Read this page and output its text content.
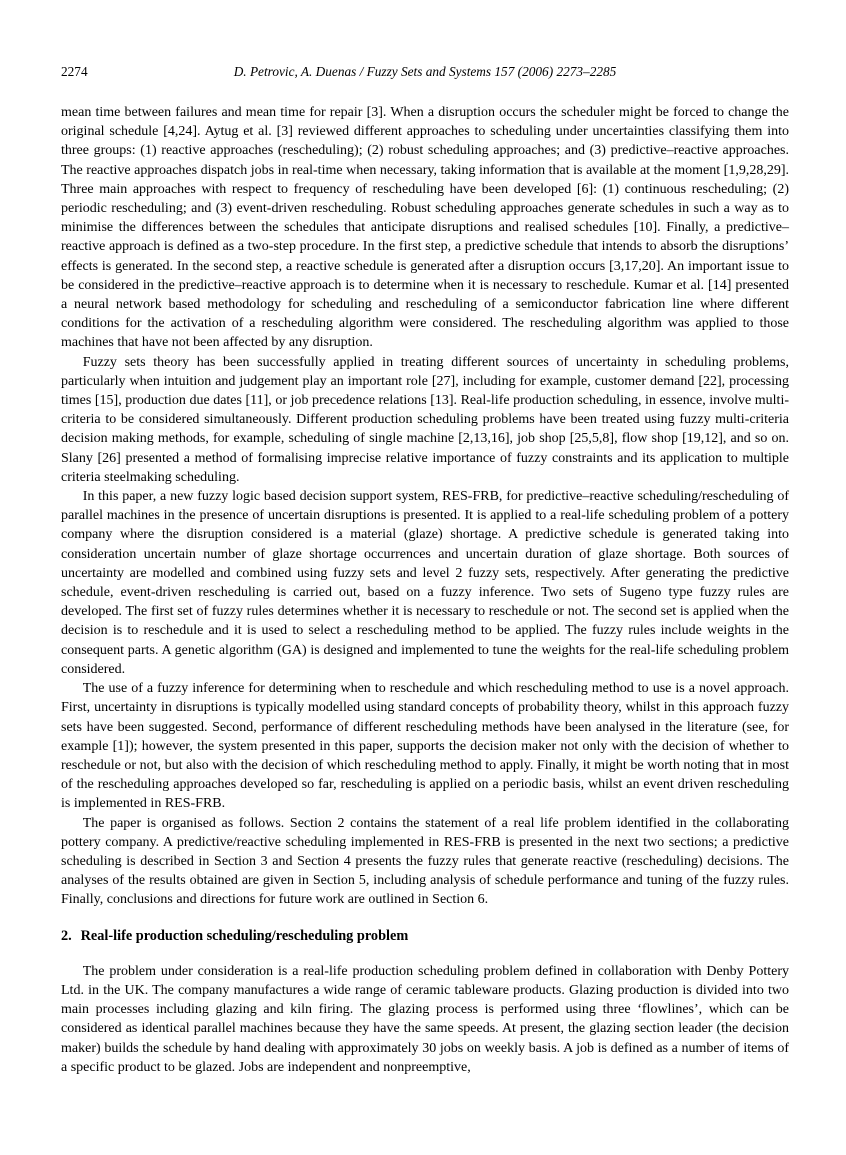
2274	D. Petrovic, A. Duenas / Fuzzy Sets and Systems 157 (2006) 2273–2285

mean time between failures and mean time for repair [3]. When a disruption occurs the scheduler might be forced to change the original schedule [4,24]. Aytug et al. [3] reviewed different approaches to scheduling under uncertainties classifying them into three groups: (1) reactive approaches (rescheduling); (2) robust scheduling approaches; and (3) predictive–reactive approaches. The reactive approaches dispatch jobs in real-time when necessary, taking information that is available at the moment [1,9,28,29]. Three main approaches with respect to frequency of rescheduling have been developed [6]: (1) continuous rescheduling; (2) periodic rescheduling; and (3) event-driven rescheduling. Robust scheduling approaches generate schedules in such a way as to minimise the differences between the schedules that anticipate disruptions and realised schedules [10]. Finally, a predictive–reactive approach is defined as a two-step procedure. In the first step, a predictive schedule that intends to absorb the disruptions’ effects is generated. In the second step, a reactive schedule is generated after a disruption occurs [3,17,20]. An important issue to be considered in the predictive–reactive approach is to determine when it is necessary to reschedule. Kumar et al. [14] presented a neural network based methodology for scheduling and rescheduling of a semiconductor fabrication line where different conditions for the activation of a rescheduling algorithm were considered. The rescheduling algorithm was applied to those machines that have not been affected by any disruption.

Fuzzy sets theory has been successfully applied in treating different sources of uncertainty in scheduling problems, particularly when intuition and judgement play an important role [27], including for example, customer demand [22], processing times [15], production due dates [11], or job precedence relations [13]. Real-life production scheduling, in essence, involve multi-criteria to be considered simultaneously. Different production scheduling problems have been treated using fuzzy multi-criteria decision making methods, for example, scheduling of single machine [2,13,16], job shop [25,5,8], flow shop [19,12], and so on. Slany [26] presented a method of formalising imprecise relative importance of fuzzy constraints and its application to multiple criteria steelmaking scheduling.

In this paper, a new fuzzy logic based decision support system, RES-FRB, for predictive–reactive scheduling/rescheduling of parallel machines in the presence of uncertain disruptions is presented. It is applied to a real-life scheduling problem of a pottery company where the disruption considered is a material (glaze) shortage. A predictive schedule is generated taking into consideration uncertain number of glaze shortage occurrences and uncertain duration of glaze shortage. Both sources of uncertainty are modelled and combined using fuzzy sets and level 2 fuzzy sets, respectively. After generating the predictive schedule, event-driven rescheduling is carried out, based on a fuzzy inference. Two sets of Sugeno type fuzzy rules are developed. The first set of fuzzy rules determines whether it is necessary to reschedule or not. The second set is applied when the decision is to reschedule and it is used to select a rescheduling method to be applied. The fuzzy rules include weights in the consequent parts. A genetic algorithm (GA) is designed and implemented to tune the weights for the real-life scheduling problem considered.

The use of a fuzzy inference for determining when to reschedule and which rescheduling method to use is a novel approach. First, uncertainty in disruptions is typically modelled using standard concepts of probability theory, whilst in this approach fuzzy sets have been suggested. Second, performance of different rescheduling methods have been analysed in the literature (see, for example [1]); however, the system presented in this paper, supports the decision maker not only with the decision of whether to reschedule or not, but also with the decision of which rescheduling method to apply. Finally, it might be worth noting that in most of the rescheduling approaches developed so far, rescheduling is applied on a periodic basis, whilst an event driven rescheduling is implemented in RES-FRB.

The paper is organised as follows. Section 2 contains the statement of a real life problem identified in the collaborating pottery company. A predictive/reactive scheduling implemented in RES-FRB is presented in the next two sections; a predictive scheduling is described in Section 3 and Section 4 presents the fuzzy rules that generate reactive (rescheduling) decisions. The analyses of the results obtained are given in Section 5, including analysis of schedule performance and tuning of the fuzzy rules. Finally, conclusions and directions for future work are outlined in Section 6.

2. Real-life production scheduling/rescheduling problem

The problem under consideration is a real-life production scheduling problem defined in collaboration with Denby Pottery Ltd. in the UK. The company manufactures a wide range of ceramic tableware products. Glazing production is divided into two main processes including glazing and kiln firing. The glazing process is performed using three ‘flowlines’, which can be considered as identical parallel machines because they have the same speeds. At present, the glazing section leader (the decision maker) builds the schedule by hand dealing with approximately 30 jobs on weekly basis. A job is defined as a number of items of a specific product to be glazed. Jobs are independent and nonpreemptive,
